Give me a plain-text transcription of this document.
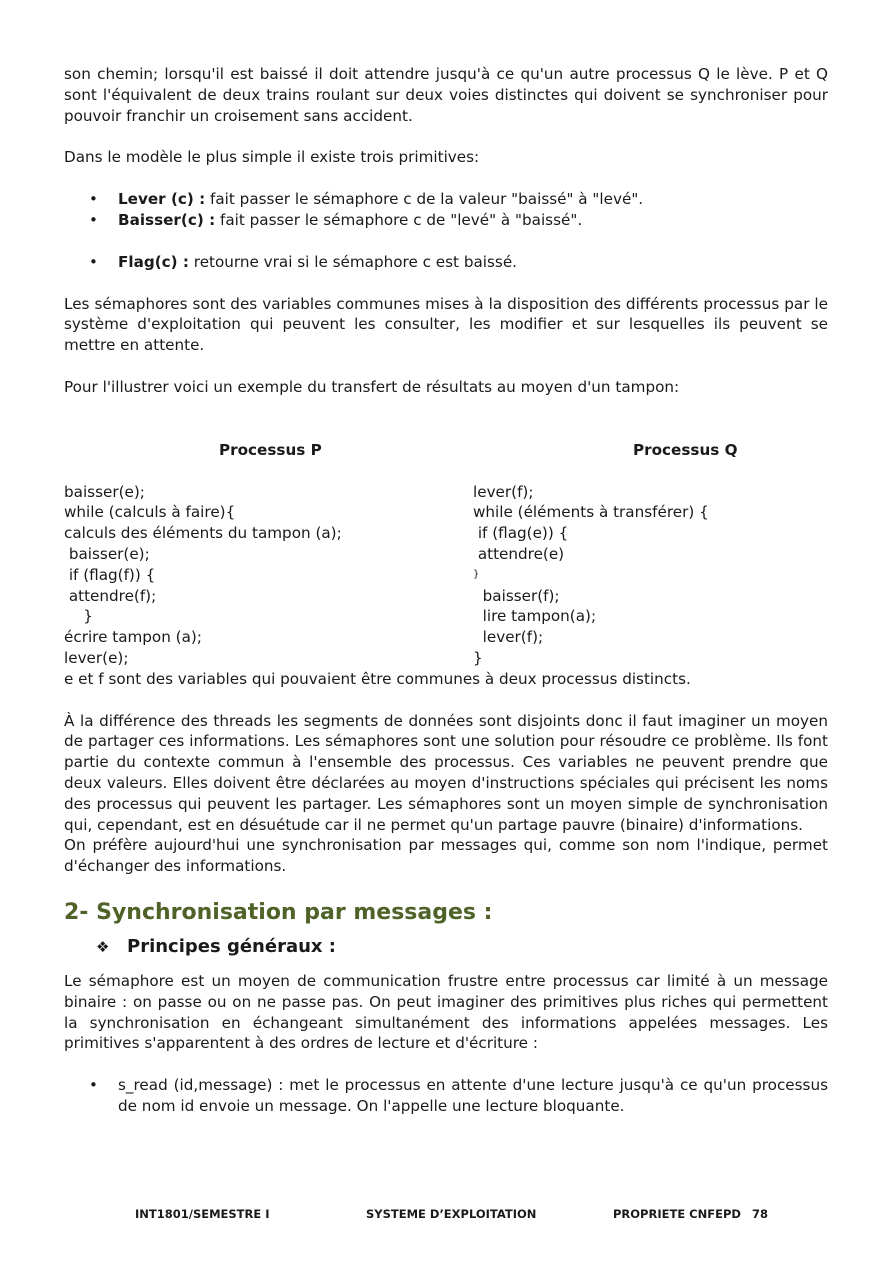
son chemin; lorsqu'il est baissé il doit attendre jusqu'à ce qu'un autre processus Q le lève. P et Q sont l'équivalent de deux trains roulant sur deux voies distinctes qui doivent se synchroniser pour pouvoir franchir un croisement sans accident.

Dans le modèle le plus simple il existe trois primitives:

• Lever (c) : fait passer le sémaphore c de la valeur "baissé" à "levé".
• Baisser(c) : fait passer le sémaphore c de "levé" à "baissé".
• Flag(c) : retourne vrai si le sémaphore c est baissé.

Les sémaphores sont des variables communes mises à la disposition des différents processus par le système d'exploitation qui peuvent les consulter, les modifier et sur lesquelles ils peuvent se mettre en attente.

Pour l'illustrer voici un exemple du transfert de résultats au moyen d'un tampon:

Processus P	Processus Q
baisser(e);	lever(f);
while (calculs à faire){	while (éléments à transférer) {
calculs des éléments du tampon (a);	if (flag(e)) {
baisser(e);	attendre(e)
if (flag(f)) {	}
attendre(f);	baisser(f);
}	lire tampon(a);
écrire tampon (a);	lever(f);
lever(e);	}

e et f sont des variables qui pouvaient être communes à deux processus distincts.

À la différence des threads les segments de données sont disjoints donc il faut imaginer un moyen de partager ces informations. Les sémaphores sont une solution pour résoudre ce problème. Ils font partie du contexte commun à l'ensemble des processus. Ces variables ne peuvent prendre que deux valeurs. Elles doivent être déclarées au moyen d'instructions spéciales qui précisent les noms des processus qui peuvent les partager. Les sémaphores sont un moyen simple de synchronisation qui, cependant, est en désuétude car il ne permet qu'un partage pauvre (binaire) d'informations.

On préfère aujourd'hui une synchronisation par messages qui, comme son nom l'indique, permet d'échanger des informations.

2- Synchronisation par messages :
❖ Principes généraux :

Le sémaphore est un moyen de communication frustre entre processus car limité à un message binaire : on passe ou on ne passe pas. On peut imaginer des primitives plus riches qui permettent la synchronisation en échangeant simultanément des informations appelées messages. Les primitives s'apparentent à des ordres de lecture et d'écriture :

• s_read (id,message) : met le processus en attente d'une lecture jusqu'à ce qu'un processus de nom id envoie un message. On l'appelle une lecture bloquante.
INT1801/SEMESTRE I	SYSTEME D’EXPLOITATION	PROPRIETE CNFEPD 78
